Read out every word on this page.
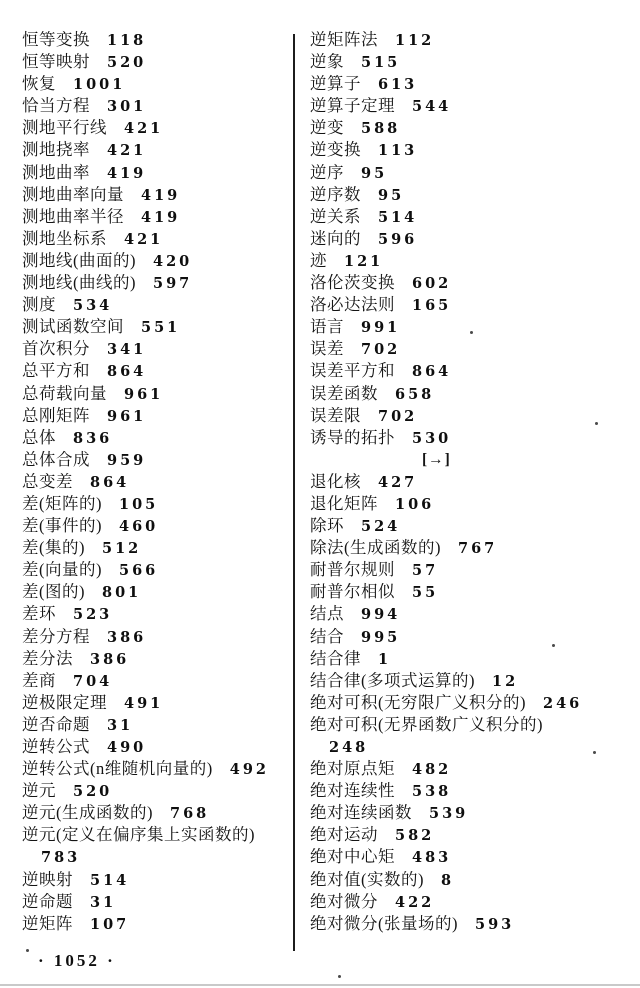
恒等变换 118
恒等映射 520
恢复 1001
恰当方程 301
测地平行线 421
测地挠率 421
测地曲率 419
测地曲率向量 419
测地曲率半径 419
测地坐标系 421
测地线(曲面的) 420
测地线(曲线的) 597
测度 534
测试函数空间 551
首次积分 341
总平方和 864
总荷载向量 961
总刚矩阵 961
总体 836
总体合成 959
总变差 864
差(矩阵的) 105
差(事件的) 460
差(集的) 512
差(向量的) 566
差(图的) 801
差环 523
差分方程 386
差分法 386
差商 704
逆极限定理 491
逆否命题 31
逆转公式 490
逆转公式(n维随机向量的) 492
逆元 520
逆元(生成函数的) 768
逆元(定义在偏序集上实函数的)
783
逆映射 514
逆命题 31
逆矩阵 107
逆矩阵法 112
逆象 515
逆算子 613
逆算子定理 544
逆变 588
逆变换 113
逆序 95
逆序数 95
逆关系 514
迷向的 596
迹 121
洛伦茨变换 602
洛必达法则 165
语言 991
误差 702
误差平方和 864
误差函数 658
误差限 702
诱导的拓扑 530
[→]
退化核 427
退化矩阵 106
除环 524
除法(生成函数的) 767
耐普尔规则 57
耐普尔相似 55
结点 994
结合 995
结合律 1
结合律(多项式运算的) 12
绝对可积(无穷限广义积分的) 246
绝对可积(无界函数广义积分的)
248
绝对原点矩 482
绝对连续性 538
绝对连续函数 539
绝对运动 582
绝对中心矩 483
绝对值(实数的) 8
绝对微分 422
绝对微分(张量场的) 593
· 1052 ·
